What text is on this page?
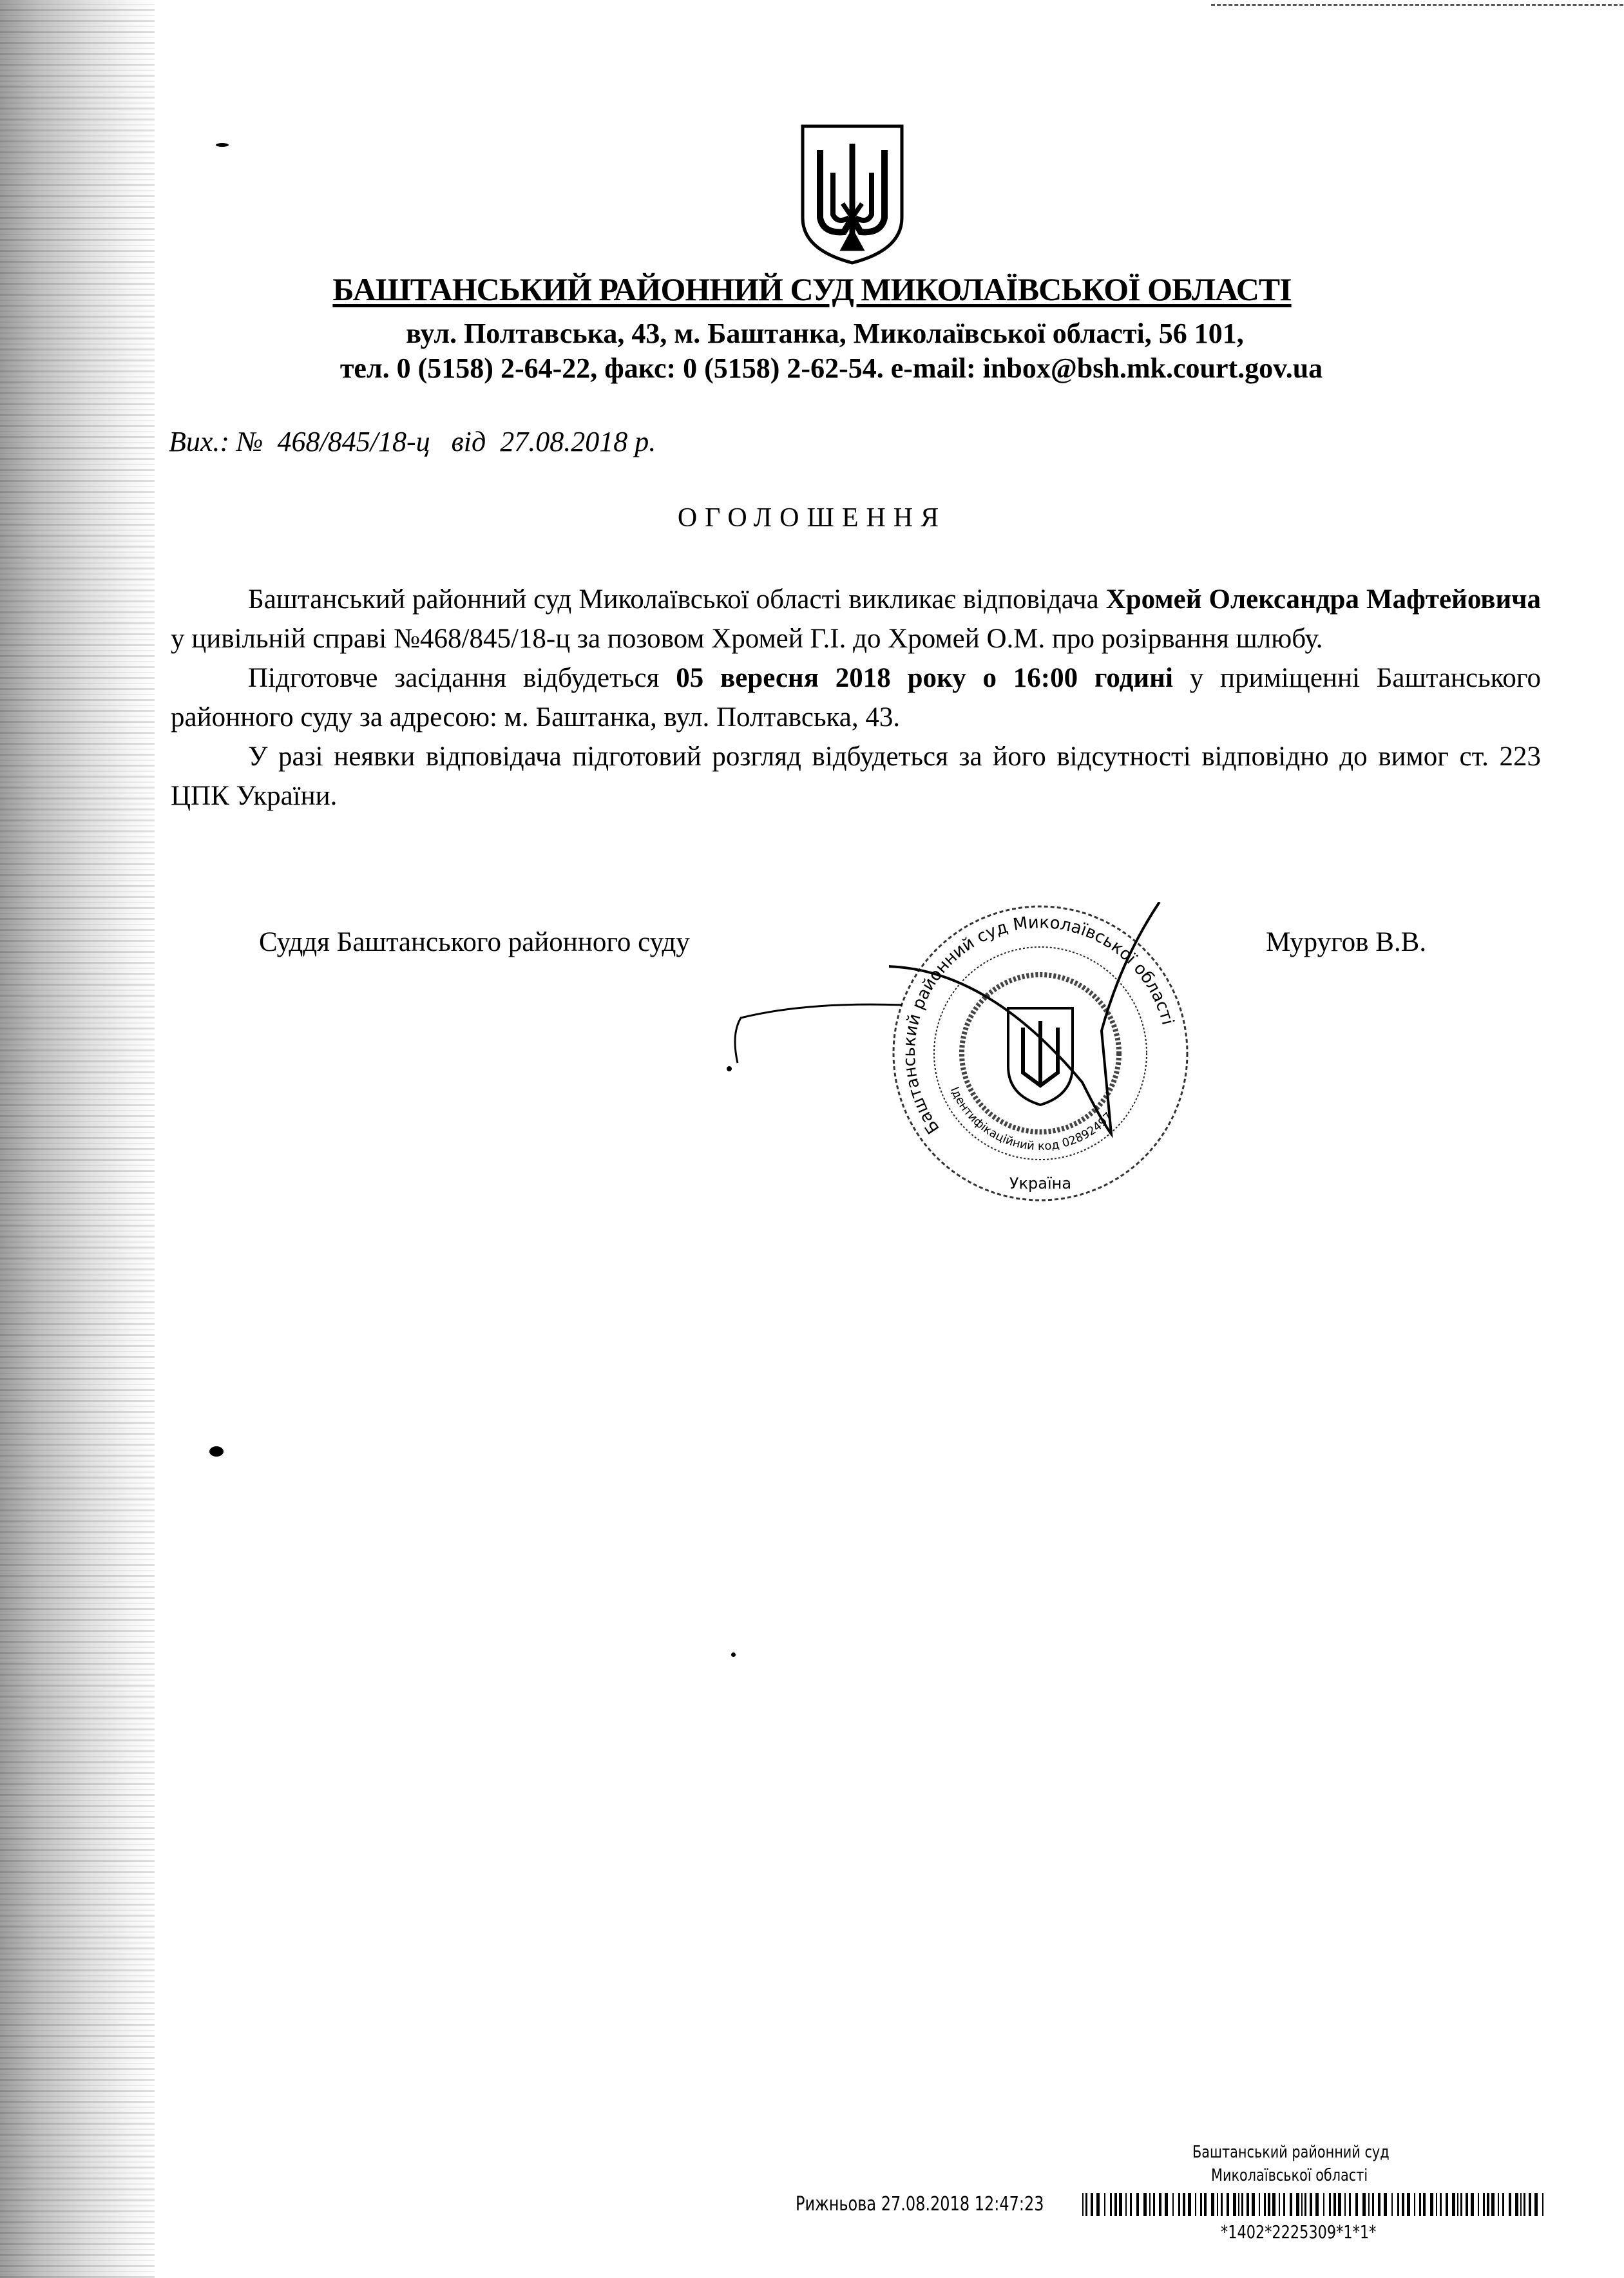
БАШТАНСЬКИЙ РАЙОННИЙ СУД МИКОЛАЇВСЬКОЇ ОБЛАСТІ
вул. Полтавська, 43, м. Баштанка, Миколаївської області, 56 101,
тел. 0 (5158) 2-64-22, факс: 0 (5158) 2-62-54. e-mail: inbox@bsh.mk.court.gov.ua
Вих.: № 468/845/18-ц від 27.08.2018 р.
ОГОЛОШЕННЯ

Баштанський районний суд Миколаївської області викликає відповідача Хромей Олександра Мафтейовича у цивільній справі №468/845/18-ц за позовом Хромей Г.І. до Хромей О.М. про розірвання шлюбу.

Підготовче засідання відбудеться 05 вересня 2018 року о 16:00 годині у приміщенні Баштанського районного суду за адресою: м. Баштанка, вул. Полтавська, 43.

У разі неявки відповідача підготовий розгляд відбудеться за його відсутності відповідно до вимог ст. 223 ЦПК України.

Суддя Баштанського районного суду	Муругов В.В.
Баштанський районний суд Миколаївської області
Ідентифікаційний код 02892497
Україна
Баштанський районний суд
Миколаївської області
Рижньова 27.08.2018 12:47:23
*1402*2225309*1*1*
